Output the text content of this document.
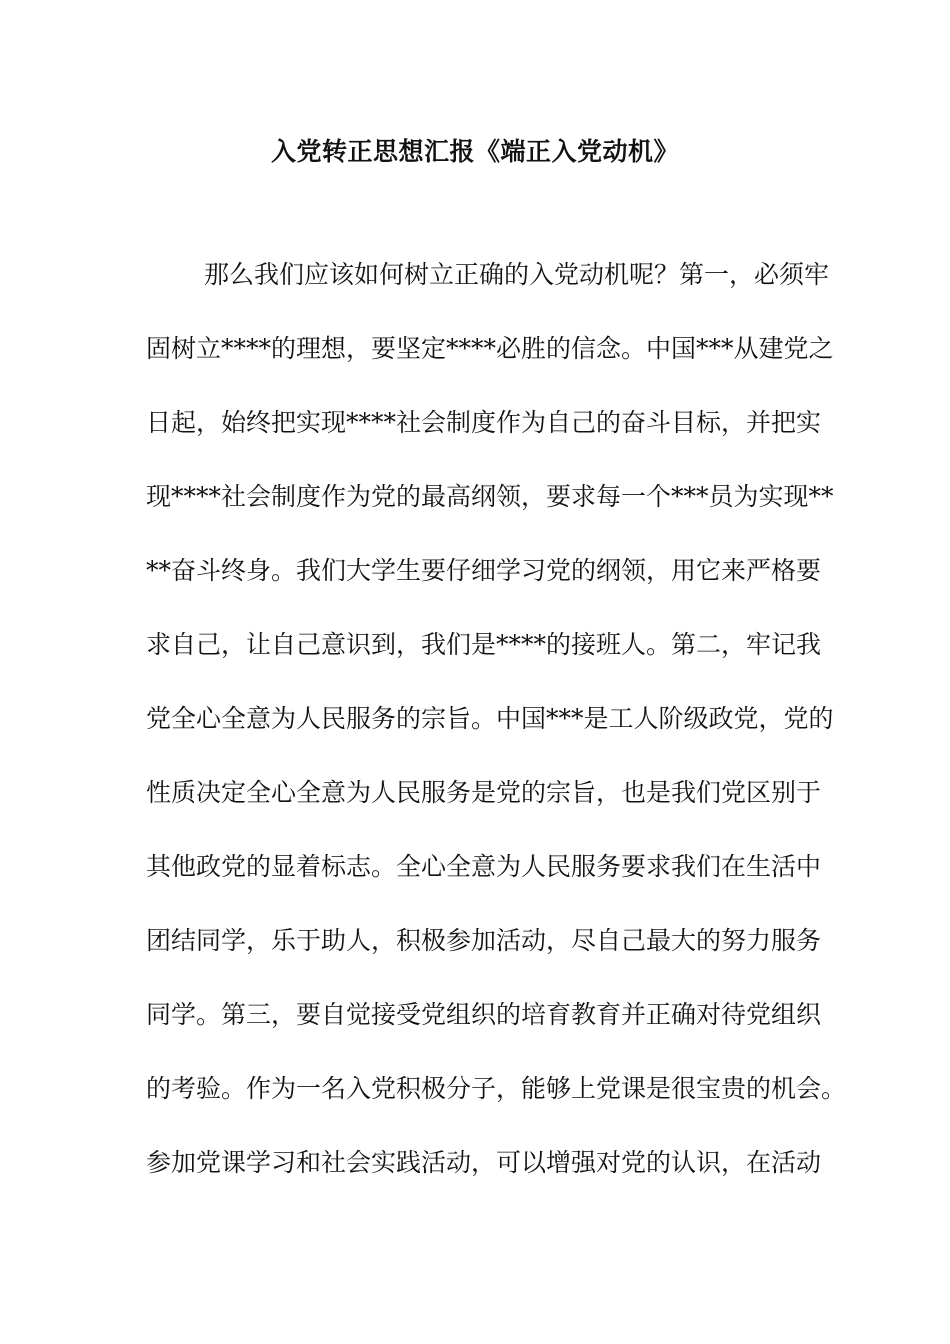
入党转正思想汇报《端正入党动机》
那么我们应该如何树立正确的入党动机呢？第一，必须牢
固树立****的理想，要坚定****必胜的信念。中国***从建党之
日起，始终把实现****社会制度作为自己的奋斗目标，并把实
现****社会制度作为党的最高纲领，要求每一个***员为实现**
**奋斗终身。我们大学生要仔细学习党的纲领，用它来严格要
求自己，让自己意识到，我们是****的接班人。第二，牢记我
党全心全意为人民服务的宗旨。中国***是工人阶级政党，党的
性质决定全心全意为人民服务是党的宗旨，也是我们党区别于
其他政党的显着标志。全心全意为人民服务要求我们在生活中
团结同学，乐于助人，积极参加活动，尽自己最大的努力服务
同学。第三，要自觉接受党组织的培育教育并正确对待党组织
的考验。作为一名入党积极分子，能够上党课是很宝贵的机会。
参加党课学习和社会实践活动，可以增强对党的认识，在活动
